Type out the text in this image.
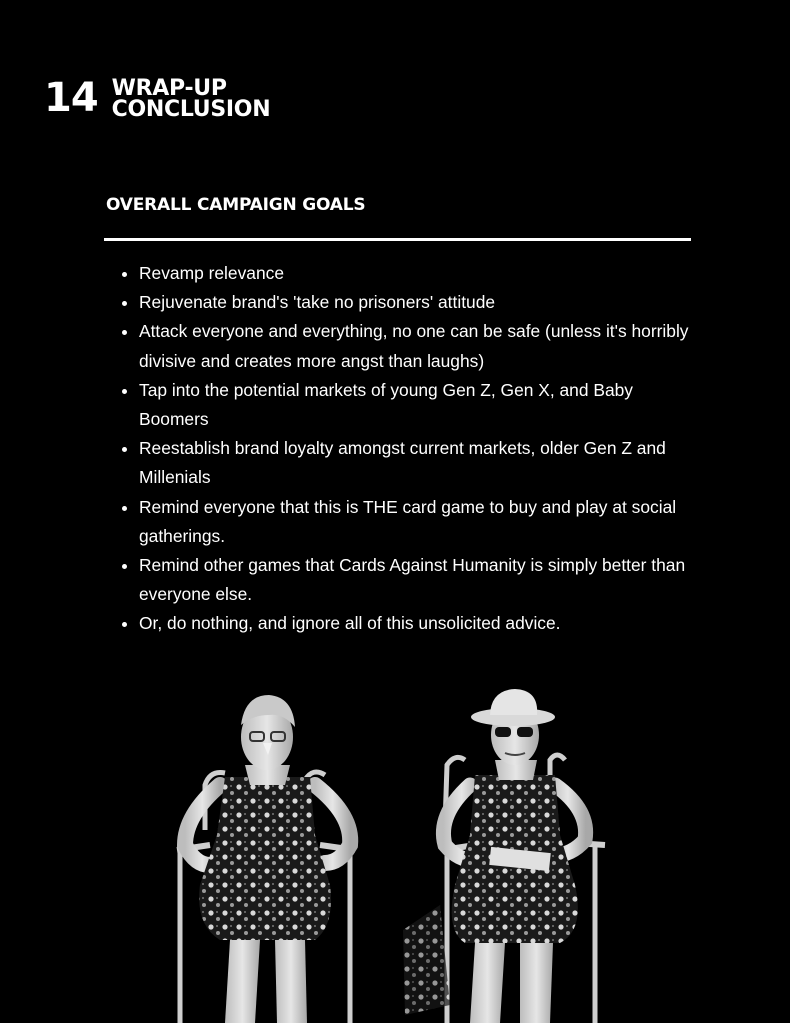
14 WRAP-UP
CONCLUSION
OVERALL CAMPAIGN GOALS
• Revamp relevance
• Rejuvenate brand's 'take no prisoners' attitude
• Attack everyone and everything, no one can be safe (unless it's horribly divisive and creates more angst than laughs)
• Tap into the potential markets of young Gen Z, Gen X, and Baby Boomers
• Reestablish brand loyalty amongst current markets, older Gen Z and Millenials
• Remind everyone that this is THE card game to buy and play at social gatherings.
• Remind other games that Cards Against Humanity is simply better than everyone else.
• Or, do nothing, and ignore all of this unsolicited advice.
